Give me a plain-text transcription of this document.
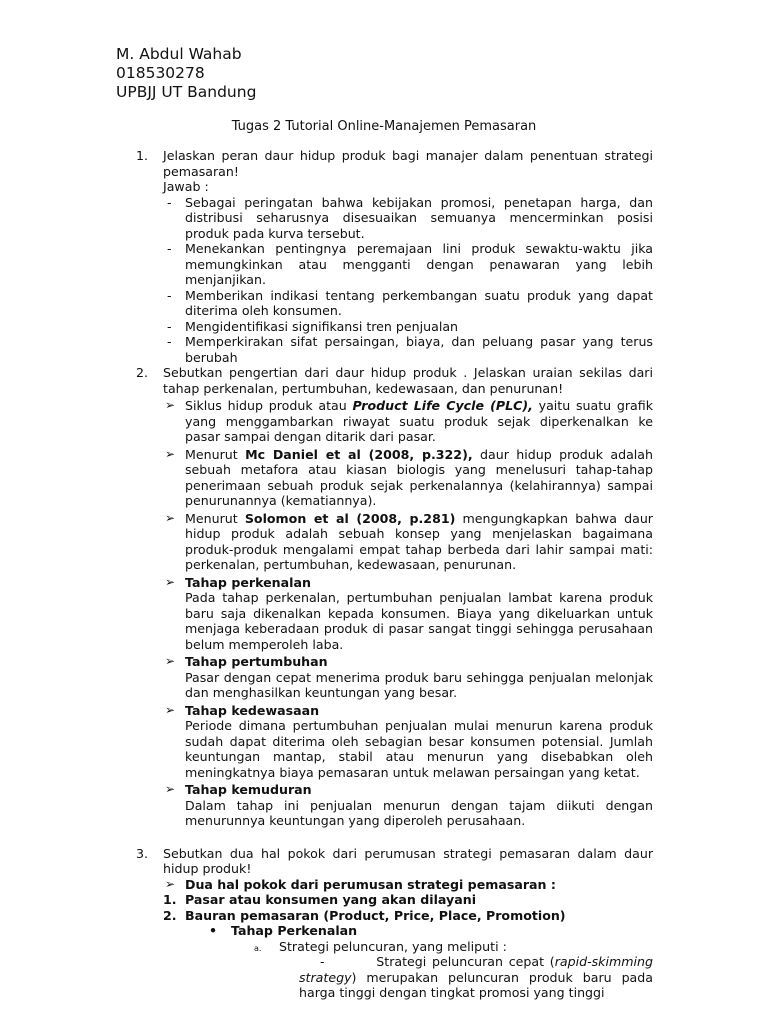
M. Abdul Wahab
018530278
UPBJJ UT Bandung
Tugas 2 Tutorial Online-Manajemen Pemasaran
1. Jelaskan peran daur hidup produk bagi manajer dalam penentuan strategi pemasaran!
Jawab :
- Sebagai peringatan bahwa kebijakan promosi, penetapan harga, dan distribusi seharusnya disesuaikan semuanya mencerminkan posisi produk pada kurva tersebut.
- Menekankan pentingnya peremajaan lini produk sewaktu-waktu jika memungkinkan atau mengganti dengan penawaran yang lebih menjanjikan.
- Memberikan indikasi tentang perkembangan suatu produk yang dapat diterima oleh konsumen.
- Mengidentifikasi signifikansi tren penjualan
- Memperkirakan sifat persaingan, biaya, dan peluang pasar yang terus berubah
2. Sebutkan pengertian dari daur hidup produk . Jelaskan uraian sekilas dari tahap perkenalan, pertumbuhan, kedewasaan, dan penurunan!
➢ Siklus hidup produk atau Product Life Cycle (PLC), yaitu suatu grafik yang menggambarkan riwayat suatu produk sejak diperkenalkan ke pasar sampai dengan ditarik dari pasar.
➢ Menurut Mc Daniel et al (2008, p.322), daur hidup produk adalah sebuah metafora atau kiasan biologis yang menelusuri tahap-tahap penerimaan sebuah produk sejak perkenalannya (kelahirannya) sampai penurunannya (kematiannya).
➢ Menurut Solomon et al (2008, p.281) mengungkapkan bahwa daur hidup produk adalah sebuah konsep yang menjelaskan bagaimana produk-produk mengalami empat tahap berbeda dari lahir sampai mati: perkenalan, pertumbuhan, kedewasaan, penurunan.
➢ Tahap perkenalan
Pada tahap perkenalan, pertumbuhan penjualan lambat karena produk baru saja dikenalkan kepada konsumen. Biaya yang dikeluarkan untuk menjaga keberadaan produk di pasar sangat tinggi sehingga perusahaan belum memperoleh laba.
➢ Tahap pertumbuhan
Pasar dengan cepat menerima produk baru sehingga penjualan melonjak dan menghasilkan keuntungan yang besar.
➢ Tahap kedewasaan
Periode dimana pertumbuhan penjualan mulai menurun karena produk sudah dapat diterima oleh sebagian besar konsumen potensial. Jumlah keuntungan mantap, stabil atau menurun yang disebabkan oleh meningkatnya biaya pemasaran untuk melawan persaingan yang ketat.
➢ Tahap kemuduran
Dalam tahap ini penjualan menurun dengan tajam diikuti dengan menurunnya keuntungan yang diperoleh perusahaan.
3. Sebutkan dua hal pokok dari perumusan strategi pemasaran dalam daur hidup produk!
➢ Dua hal pokok dari perumusan strategi pemasaran :
1. Pasar atau konsumen yang akan dilayani
2. Bauran pemasaran (Product, Price, Place, Promotion)
• Tahap Perkenalan
a. Strategi peluncuran, yang meliputi :
-	Strategi peluncuran cepat (rapid-skimming strategy) merupakan peluncuran produk baru pada harga tinggi dengan tingkat promosi yang tinggi
